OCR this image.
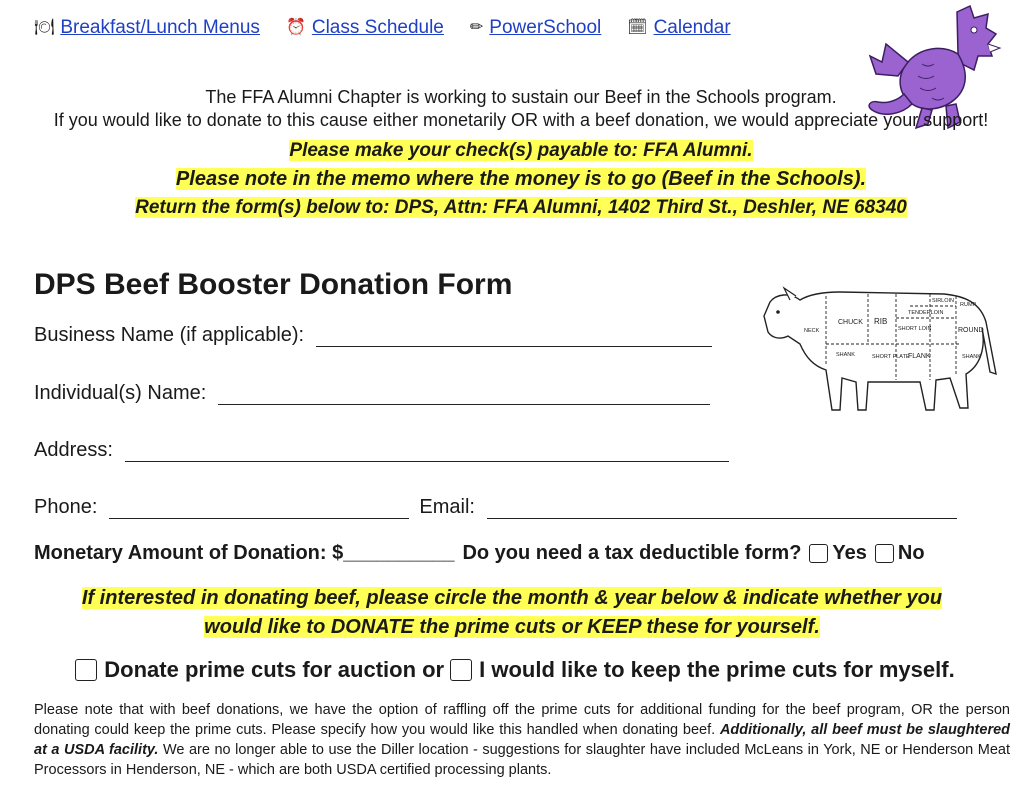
🍽 Breakfast/Lunch Menus ⏰ Class Schedule ✏ PowerSchool 🗓 Calendar
The FFA Alumni Chapter is working to sustain our Beef in the Schools program.
If you would like to donate to this cause either monetarily OR with a beef donation, we would appreciate your support!
Please make your check(s) payable to: FFA Alumni.
Please note in the memo where the money is to go (Beef in the Schools).
Return the form(s) below to: DPS, Attn: FFA Alumni, 1402 Third St., Deshler, NE 68340
DPS Beef Booster Donation Form
CHUCK RIB
SHORT LOIN
SIRLOIN
TENDERLOIN
ROUND
RUMP
FLANK
SHORT PLATE
NECK
SHANK	SHANK
Business Name (if applicable):
Individual(s) Name:
Address:
Phone:	Email:
Monetary Amount of Donation: $__________ Do you need a tax deductible form? Yes No
If interested in donating beef, please circle the month & year below & indicate whether you
would like to DONATE the prime cuts or KEEP these for yourself.
Donate prime cuts for auction or I would like to keep the prime cuts for myself.
Please note that with beef donations, we have the option of raffling off the prime cuts for additional funding for the beef program, OR the person donating could keep the prime cuts. Please specify how you would like this handled when donating beef. Additionally, all beef must be slaughtered at a USDA facility. We are no longer able to use the Diller location - suggestions for slaughter have included McLeans in York, NE or Henderson Meat Processors in Henderson, NE - which are both USDA certified processing plants.
